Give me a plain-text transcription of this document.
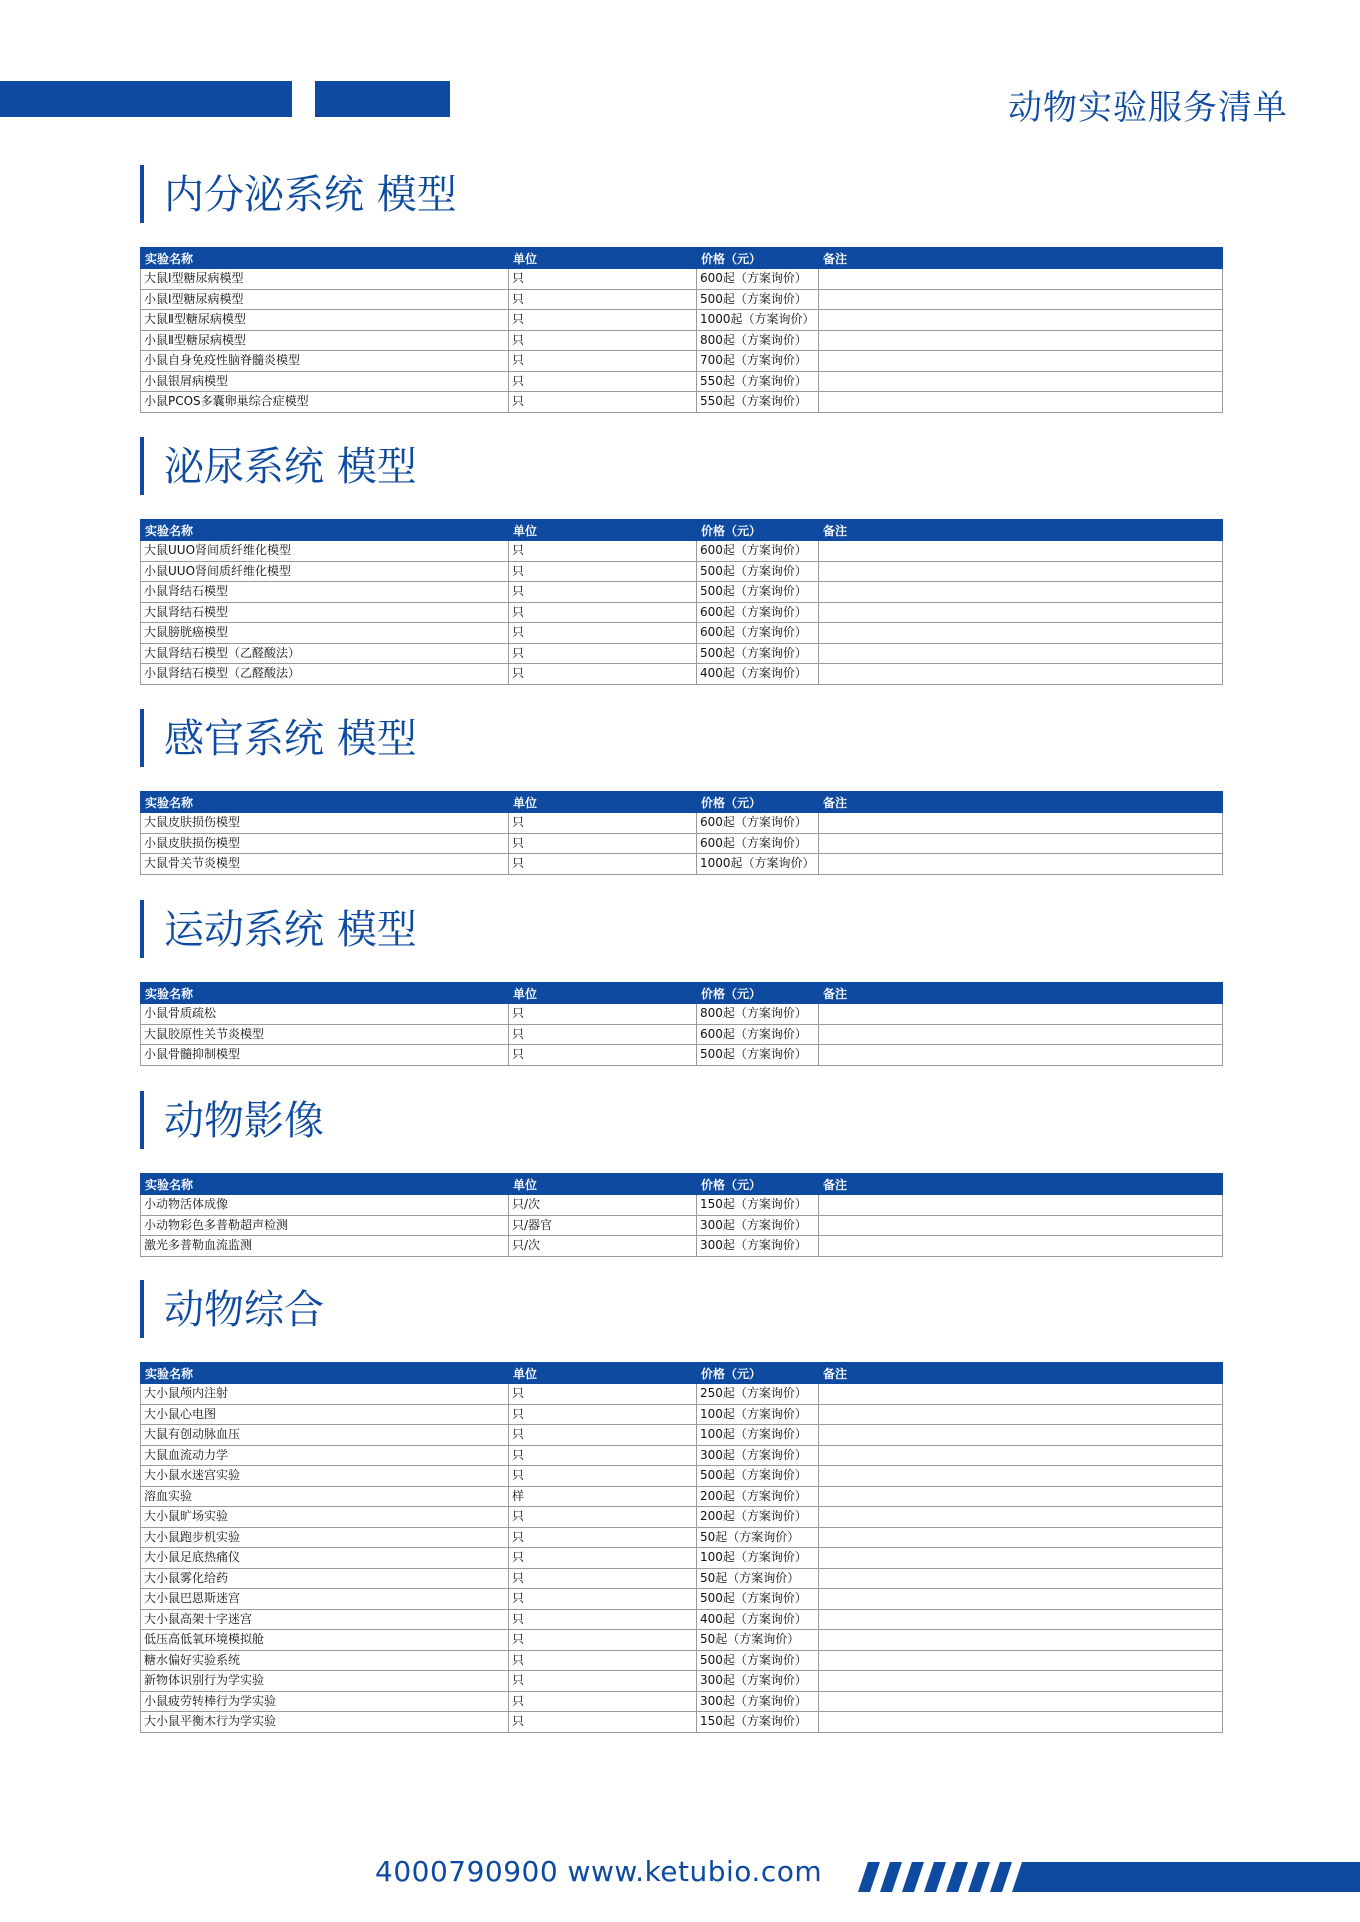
动物实验服务清单
内分泌系统 模型
实验名称	单位	价格（元）	备注
大鼠Ⅰ型糖尿病模型	只	600起（方案询价）	
小鼠Ⅰ型糖尿病模型	只	500起（方案询价）	
大鼠Ⅱ型糖尿病模型	只	1000起（方案询价）	
小鼠Ⅱ型糖尿病模型	只	800起（方案询价）	
小鼠自身免疫性脑脊髓炎模型	只	700起（方案询价）	
小鼠银屑病模型	只	550起（方案询价）	
小鼠PCOS多囊卵巢综合症模型	只	550起（方案询价）	
泌尿系统 模型
实验名称	单位	价格（元）	备注
大鼠UUO肾间质纤维化模型	只	600起（方案询价）	
小鼠UUO肾间质纤维化模型	只	500起（方案询价）	
小鼠肾结石模型	只	500起（方案询价）	
大鼠肾结石模型	只	600起（方案询价）	
大鼠膀胱癌模型	只	600起（方案询价）	
大鼠肾结石模型（乙醛酸法）	只	500起（方案询价）	
小鼠肾结石模型（乙醛酸法）	只	400起（方案询价）	
感官系统 模型
实验名称	单位	价格（元）	备注
大鼠皮肤损伤模型	只	600起（方案询价）	
小鼠皮肤损伤模型	只	600起（方案询价）	
大鼠骨关节炎模型	只	1000起（方案询价）	
运动系统 模型
实验名称	单位	价格（元）	备注
小鼠骨质疏松	只	800起（方案询价）	
大鼠胶原性关节炎模型	只	600起（方案询价）	
小鼠骨髓抑制模型	只	500起（方案询价）	
动物影像
实验名称	单位	价格（元）	备注
小动物活体成像	只/次	150起（方案询价）	
小动物彩色多普勒超声检测	只/器官	300起（方案询价）	
激光多普勒血流监测	只/次	300起（方案询价）	
动物综合
实验名称	单位	价格（元）	备注
大小鼠颅内注射	只	250起（方案询价）	
大小鼠心电图	只	100起（方案询价）	
大鼠有创动脉血压	只	100起（方案询价）	
大鼠血流动力学	只	300起（方案询价）	
大小鼠水迷宫实验	只	500起（方案询价）	
溶血实验	样	200起（方案询价）	
大小鼠旷场实验	只	200起（方案询价）	
大小鼠跑步机实验	只	50起（方案询价）	
大小鼠足底热痛仪	只	100起（方案询价）	
大小鼠雾化给药	只	50起（方案询价）	
大小鼠巴恩斯迷宫	只	500起（方案询价）	
大小鼠高架十字迷宫	只	400起（方案询价）	
低压高低氧环境模拟舱	只	50起（方案询价）	
糖水偏好实验系统	只	500起（方案询价）	
新物体识别行为学实验	只	300起（方案询价）	
小鼠疲劳转棒行为学实验	只	300起（方案询价）	
大小鼠平衡木行为学实验	只	150起（方案询价）	
4000790900 www.ketubio.com
